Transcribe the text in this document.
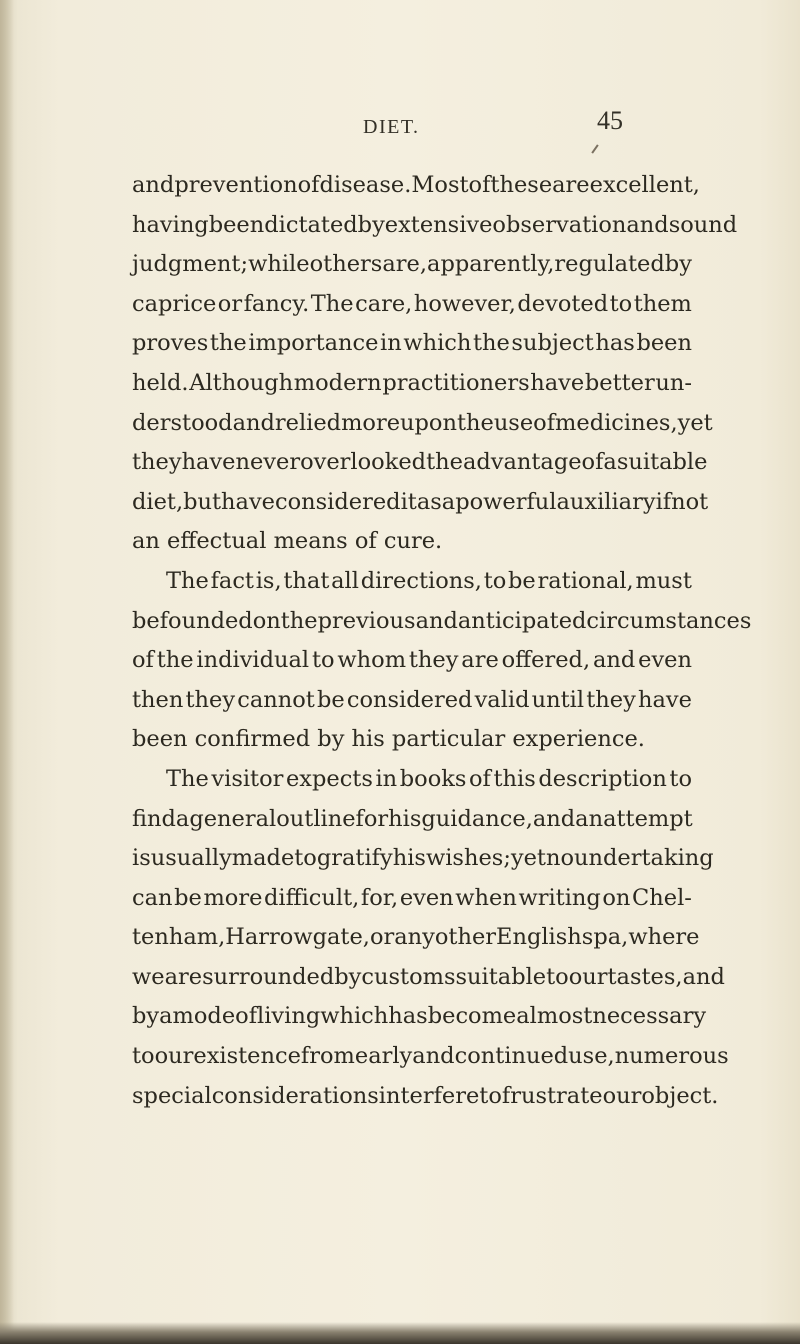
DIET.	45
and prevention of disease. Most of these are excellent,
having been dictated by extensive observation and sound
judgment; while others are, apparently, regulated by
caprice or fancy. The care, however, devoted to them
proves the importance in which the subject has been
held. Although modern practitioners have better un-
derstood and relied more upon the use of medicines, yet
they have never overlooked the advantage of a suitable
diet, but have considered it as a powerful auxiliary if not
an effectual means of cure.
The fact is, that all directions, to be rational, must
be founded on the previous and anticipated circumstances
of the individual to whom they are offered, and even
then they cannot be considered valid until they have
been confirmed by his particular experience.
The visitor expects in books of this description to
find a general outline for his guidance, and an attempt
is usually made to gratify his wishes ; yet no undertaking
can be more difficult, for, even when writing on Chel-
tenham, Harrowgate, or any other English spa, where
we are surrounded by customs suitable to our tastes, and
by a mode of living which has become almost necessary
to our existence from early and continued use, numerous
special considerations interfere to frustrate our object.
